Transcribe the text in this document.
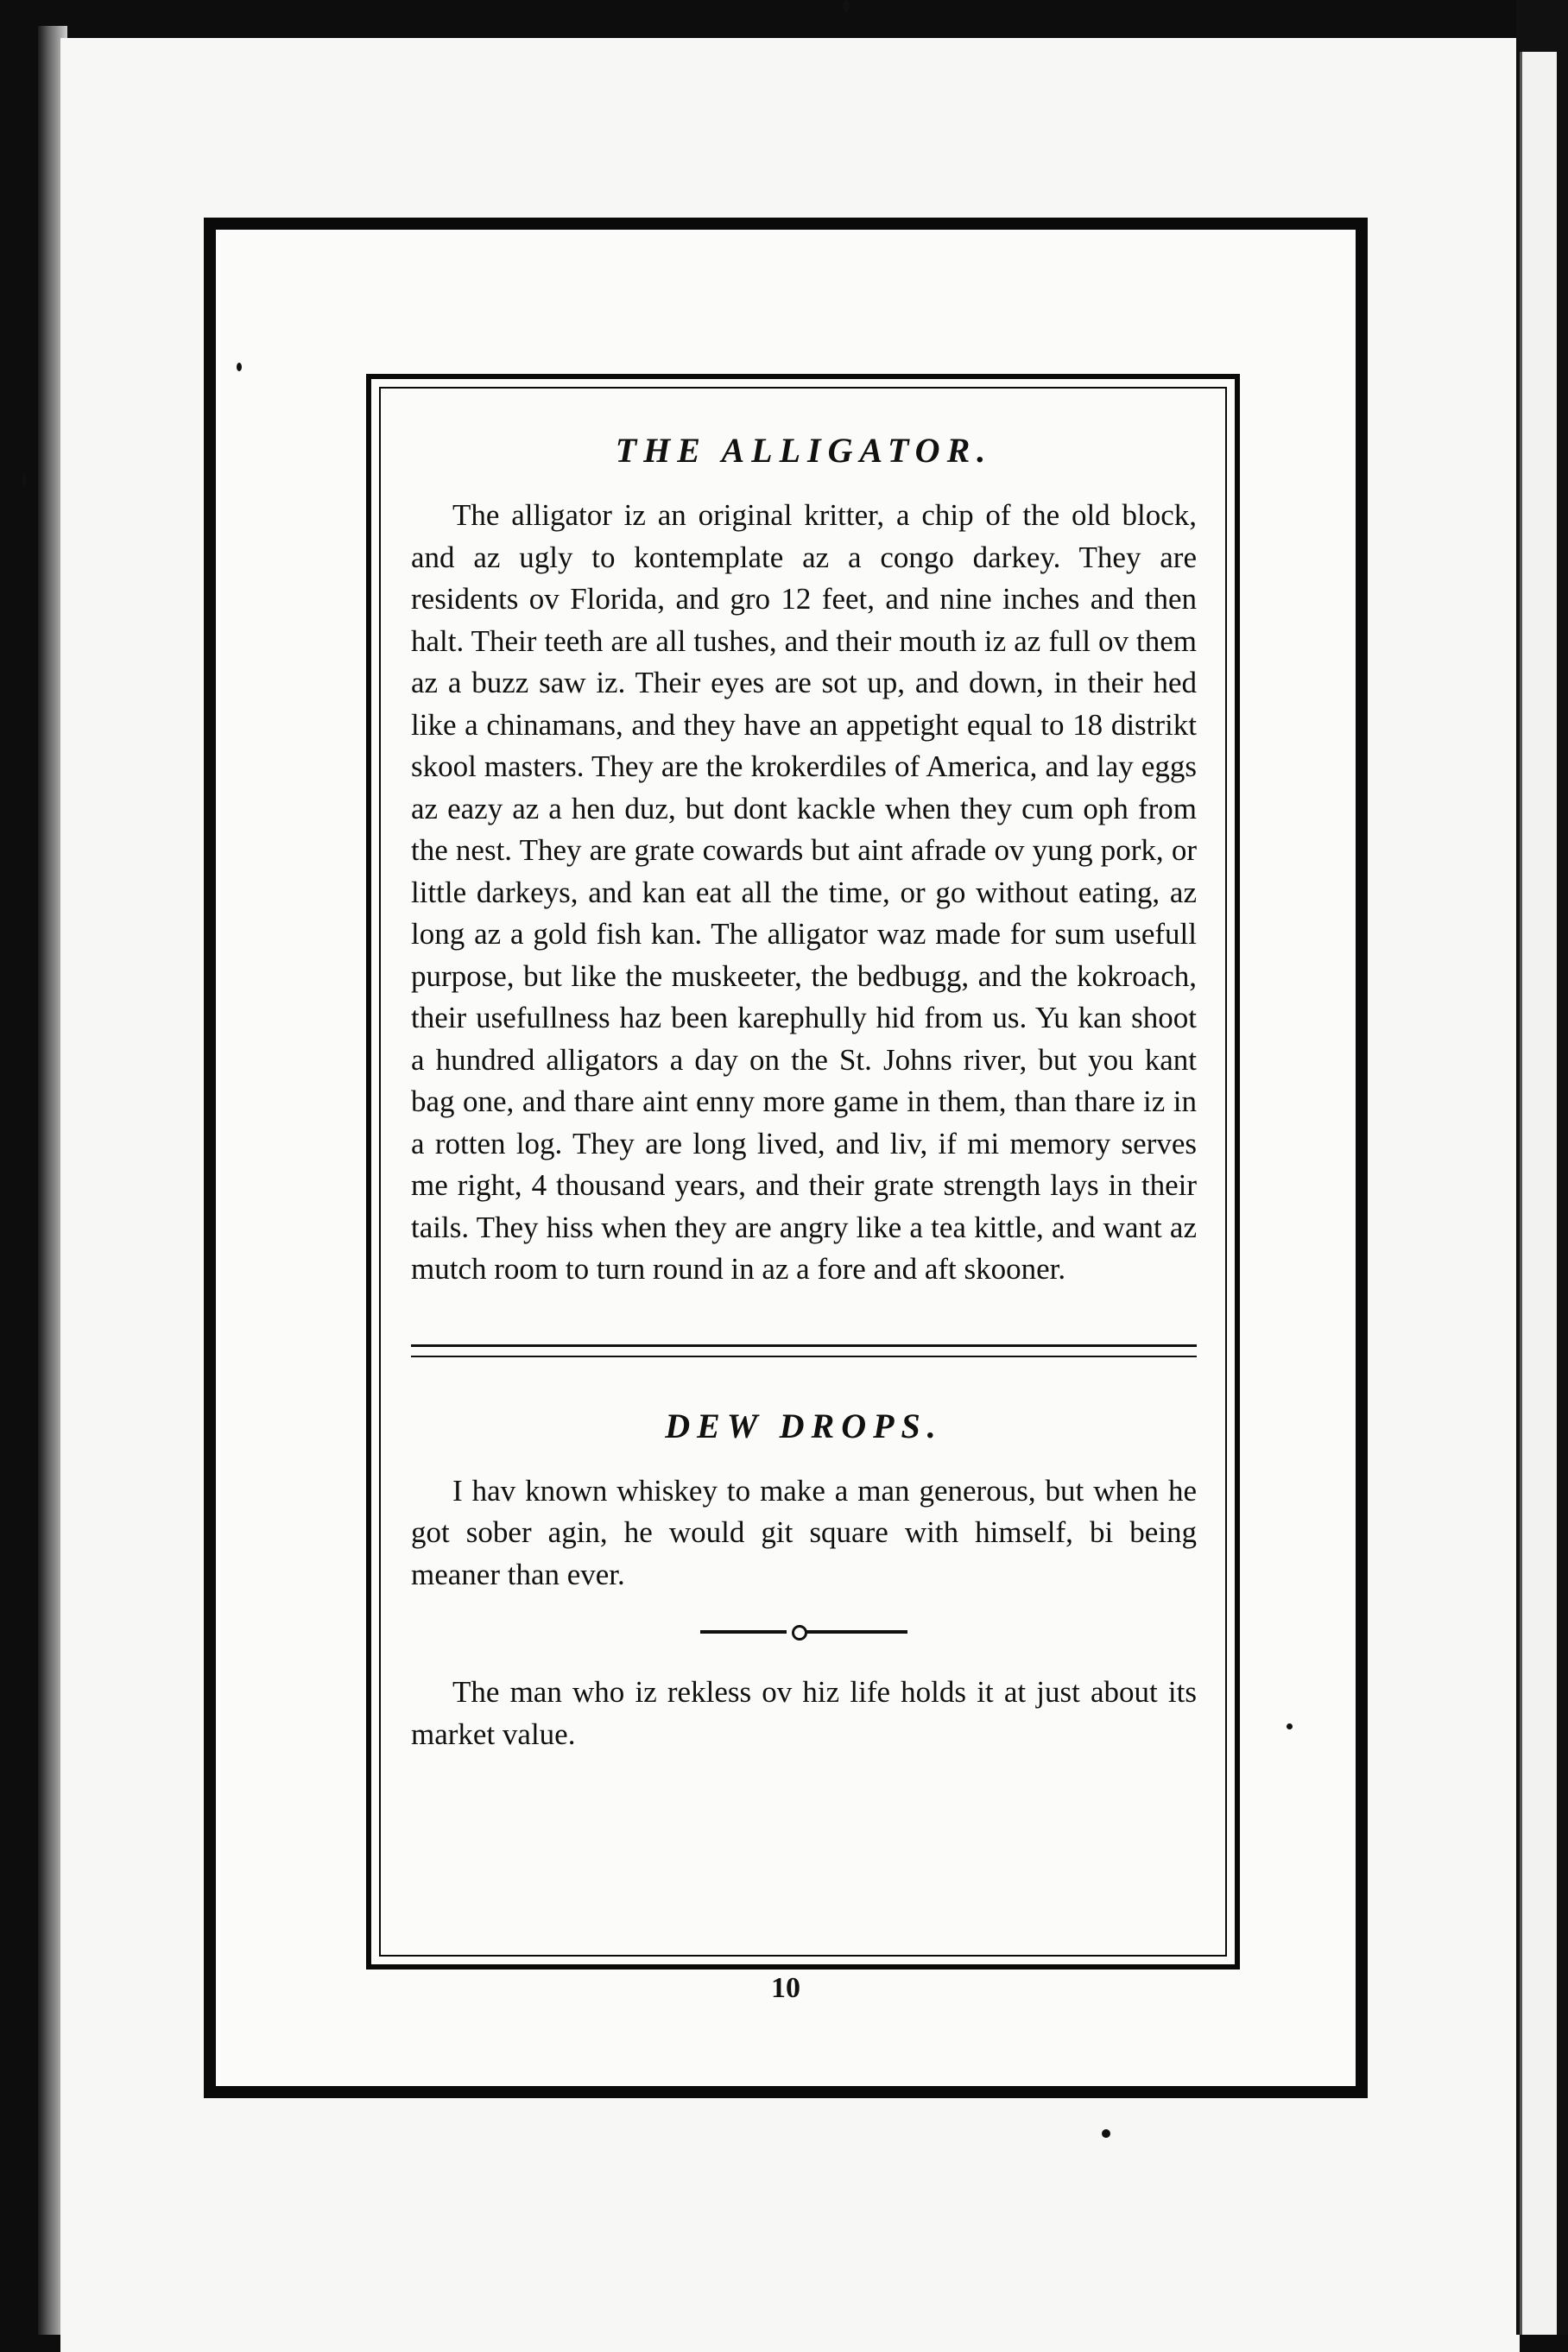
THE ALLIGATOR.

The alligator iz an original kritter, a chip of the old block, and az ugly to kontemplate az a congo darkey. They are residents ov Florida, and gro 12 feet, and nine inches and then halt. Their teeth are all tushes, and their mouth iz az full ov them az a buzz saw iz. Their eyes are sot up, and down, in their hed like a chinamans, and they have an appetight equal to 18 distrikt skool masters. They are the krokerdiles of America, and lay eggs az eazy az a hen duz, but dont kackle when they cum oph from the nest. They are grate cowards but aint afrade ov yung pork, or little darkeys, and kan eat all the time, or go without eating, az long az a gold fish kan. The alligator waz made for sum usefull purpose, but like the muskeeter, the bedbugg, and the kokroach, their usefullness haz been karephully hid from us. Yu kan shoot a hundred alligators a day on the St. Johns river, but you kant bag one, and thare aint enny more game in them, than thare iz in a rotten log. They are long lived, and liv, if mi memory serves me right, 4 thousand years, and their grate strength lays in their tails. They hiss when they are angry like a tea kittle, and want az mutch room to turn round in az a fore and aft skooner.

DEW DROPS.

I hav known whiskey to make a man generous, but when he got sober agin, he would git square with himself, bi being meaner than ever.

The man who iz rekless ov hiz life holds it at just about its market value.

10
